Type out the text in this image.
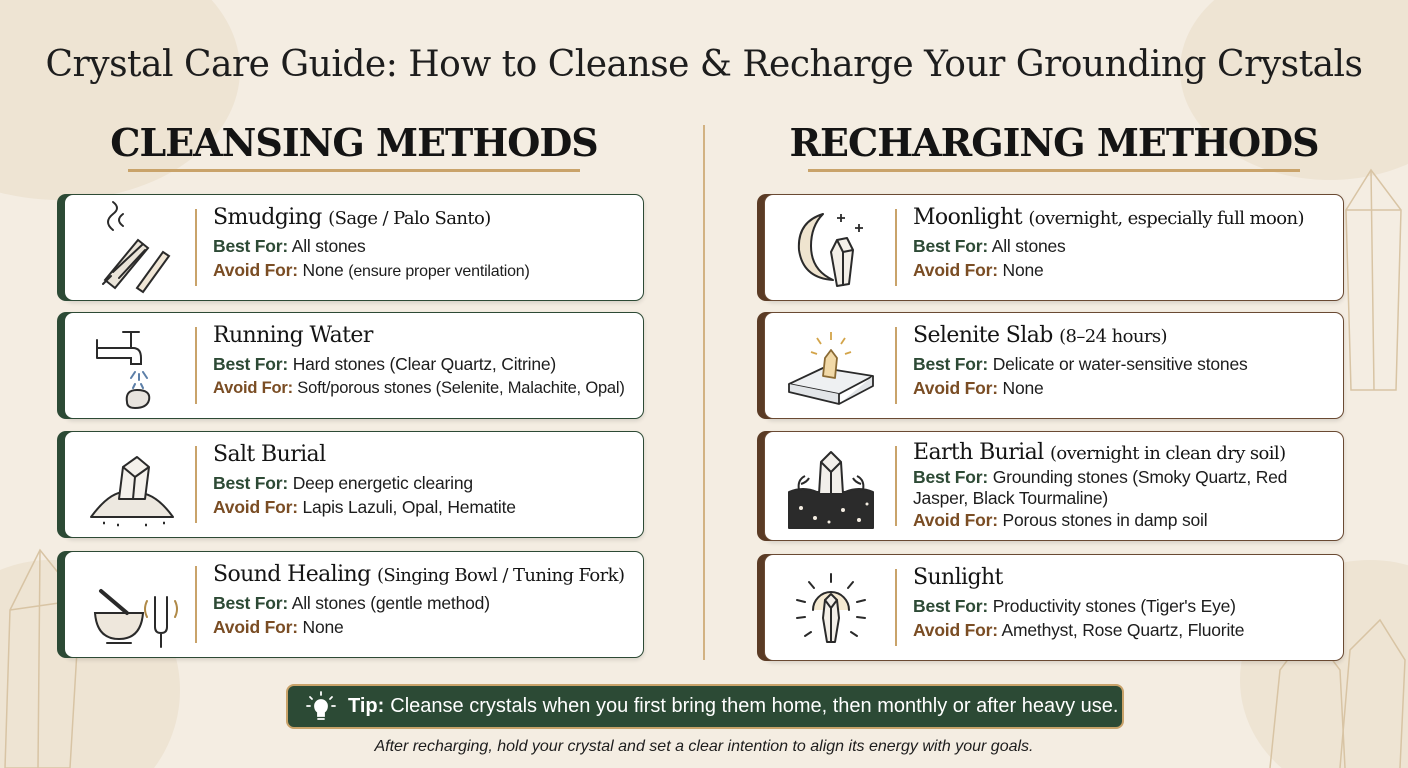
Crystal Care Guide: How to Cleanse & Recharge Your Grounding Crystals
CLEANSING METHODS	RECHARGING METHODS
Smudging (Sage / Palo Santo)
Best For: All stones
Avoid For: None (ensure proper ventilation)
Running Water
Best For: Hard stones (Clear Quartz, Citrine)
Avoid For: Soft/porous stones (Selenite, Malachite, Opal)
Salt Burial
Best For: Deep energetic clearing
Avoid For: Lapis Lazuli, Opal, Hematite
Sound Healing (Singing Bowl / Tuning Fork)
Best For: All stones (gentle method)
Avoid For: None
Moonlight (overnight, especially full moon)
Best For: All stones
Avoid For: None
Selenite Slab (8–24 hours)
Best For: Delicate or water-sensitive stones
Avoid For: None
Earth Burial (overnight in clean dry soil)
Best For: Grounding stones (Smoky Quartz, Red Jasper, Black Tourmaline)
Avoid For: Porous stones in damp soil
Sunlight
Best For: Productivity stones (Tiger's Eye)
Avoid For: Amethyst, Rose Quartz, Fluorite
Tip: Cleanse crystals when you first bring them home, then monthly or after heavy use.
After recharging, hold your crystal and set a clear intention to align its energy with your goals.
